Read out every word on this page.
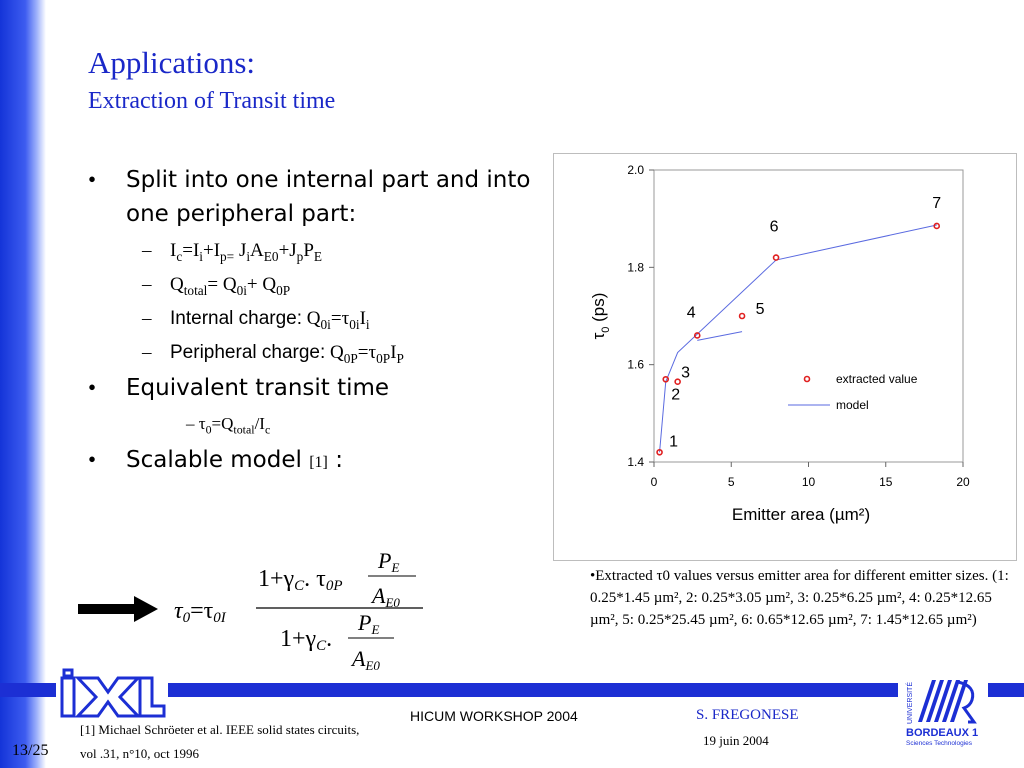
Applications:
Extraction of Transit time
• Split into one internal part and into one peripheral part:
– $I_c=I_i+I_{p=}$ $J_iA_{E0}+J_pP_E$
– $Q_{total}= Q_{0i}+ Q_{0P}$
– Internal charge: $Q_{0i}=\tau_{0i}I_i$
– Peripheral charge: $Q_{0P}=\tau_{0P}I_P$
• Equivalent transit time
– $\tau_0=Q_{total}/I_c$
• Scalable model [1] :
0	5	10	15	20
1.4
1.6
1.8
2.0
1
2
3
4	5
6
7
Emitter area (µm²)
$\tau_0$ (ps)
extracted value
model
•Extracted τ0 values versus emitter area for different emitter sizes. (1: 0.25*1.45 µm², 2: 0.25*3.05 µm², 3: 0.25*6.25 µm², 4: 0.25*12.65 µm², 5: 0.25*25.45 µm², 6: 0.65*12.65 µm², 7: 1.45*12.65 µm²)
τ0=τ0I
1+γC. τ0P
PE
AE0
1+γC.
PE
AE0
UNIVERSITÉ
BORDEAUX 1
Sciences Technologies
HICUM WORKSHOP 2004	S. FREGONESE
19 juin 2004
[1] Michael Schröeter et al. IEEE solid states circuits,
vol .31, n°10, oct 1996
13/25
